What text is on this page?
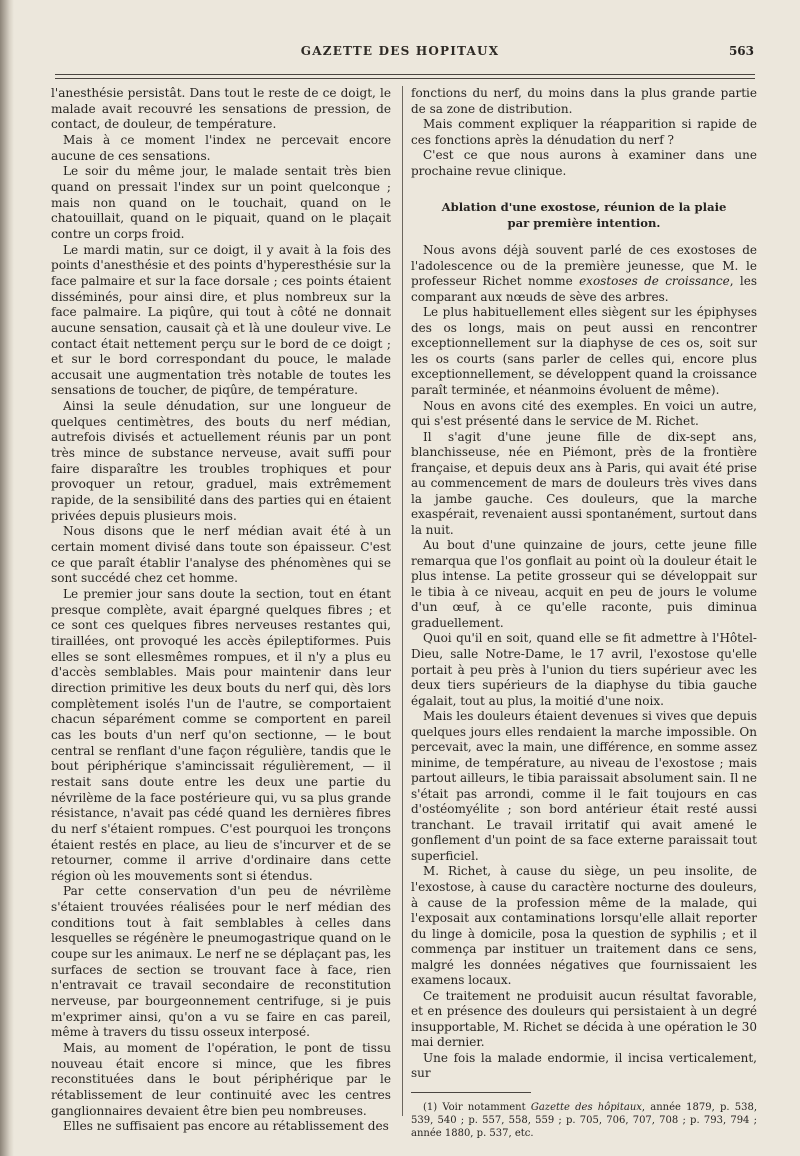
GAZETTE DES HOPITAUX	563

l'anesthésie persistât. Dans tout le reste de ce doigt, le malade avait recouvré les sensations de pression, de contact, de douleur, de température.

Mais à ce moment l'index ne percevait encore aucune de ces sensations.

Le soir du même jour, le malade sentait très bien quand on pressait l'index sur un point quelconque ; mais non quand on le touchait, quand on le chatouillait, quand on le piquait, quand on le plaçait contre un corps froid.

Le mardi matin, sur ce doigt, il y avait à la fois des points d'anesthésie et des points d'hyperesthésie sur la face palmaire et sur la face dorsale ; ces points étaient disséminés, pour ainsi dire, et plus nombreux sur la face palmaire. La piqûre, qui tout à côté ne donnait aucune sensation, causait çà et là une douleur vive. Le contact était nettement perçu sur le bord de ce doigt ; et sur le bord correspondant du pouce, le malade accusait une augmentation très notable de toutes les sensations de toucher, de piqûre, de température.

Ainsi la seule dénudation, sur une longueur de quelques centimètres, des bouts du nerf médian, autrefois divisés et actuellement réunis par un pont très mince de substance nerveuse, avait suffi pour faire disparaître les troubles trophiques et pour provoquer un retour, graduel, mais extrêmement rapide, de la sensibilité dans des parties qui en étaient privées depuis plusieurs mois.

Nous disons que le nerf médian avait été à un certain moment divisé dans toute son épaisseur. C'est ce que paraît établir l'analyse des phénomènes qui se sont succédé chez cet homme.

Le premier jour sans doute la section, tout en étant presque complète, avait épargné quelques fibres ; et ce sont ces quelques fibres nerveuses restantes qui, tiraillées, ont provoqué les accès épileptiformes. Puis elles se sont ellesmêmes rompues, et il n'y a plus eu d'accès semblables. Mais pour maintenir dans leur direction primitive les deux bouts du nerf qui, dès lors complètement isolés l'un de l'autre, se comportaient chacun séparément comme se comportent en pareil cas les bouts d'un nerf qu'on sectionne, — le bout central se renflant d'une façon régulière, tandis que le bout périphérique s'amincissait régulièrement, — il restait sans doute entre les deux une partie du névrilème de la face postérieure qui, vu sa plus grande résistance, n'avait pas cédé quand les dernières fibres du nerf s'étaient rompues. C'est pourquoi les tronçons étaient restés en place, au lieu de s'incurver et de se retourner, comme il arrive d'ordinaire dans cette région où les mouvements sont si étendus.

Par cette conservation d'un peu de névrilème s'étaient trouvées réalisées pour le nerf médian des conditions tout à fait semblables à celles dans lesquelles se régénère le pneumogastrique quand on le coupe sur les animaux. Le nerf ne se déplaçant pas, les surfaces de section se trouvant face à face, rien n'entravait ce travail secondaire de reconstitution nerveuse, par bourgeonnement centrifuge, si je puis m'exprimer ainsi, qu'on a vu se faire en cas pareil, même à travers du tissu osseux interposé.

Mais, au moment de l'opération, le pont de tissu nouveau était encore si mince, que les fibres reconstituées dans le bout périphérique par le rétablissement de leur continuité avec les centres ganglionnaires devaient être bien peu nombreuses.

Elles ne suffisaient pas encore au rétablissement des

fonctions du nerf, du moins dans la plus grande partie de sa zone de distribution.

Mais comment expliquer la réapparition si rapide de ces fonctions après la dénudation du nerf ?

C'est ce que nous aurons à examiner dans une prochaine revue clinique.

Ablation d'une exostose, réunion de la plaie
par première intention.

Nous avons déjà souvent parlé de ces exostoses de l'adolescence ou de la première jeunesse, que M. le professeur Richet nomme exostoses de croissance, les comparant aux nœuds de sève des arbres.

Le plus habituellement elles siègent sur les épiphyses des os longs, mais on peut aussi en rencontrer exceptionnellement sur la diaphyse de ces os, soit sur les os courts (sans parler de celles qui, encore plus exceptionnellement, se développent quand la croissance paraît terminée, et néanmoins évoluent de même).

Nous en avons cité des exemples. En voici un autre, qui s'est présenté dans le service de M. Richet.

Il s'agit d'une jeune fille de dix-sept ans, blanchisseuse, née en Piémont, près de la frontière française, et depuis deux ans à Paris, qui avait été prise au commencement de mars de douleurs très vives dans la jambe gauche. Ces douleurs, que la marche exaspérait, revenaient aussi spontanément, surtout dans la nuit.

Au bout d'une quinzaine de jours, cette jeune fille remarqua que l'os gonflait au point où la douleur était le plus intense. La petite grosseur qui se développait sur le tibia à ce niveau, acquit en peu de jours le volume d'un œuf, à ce qu'elle raconte, puis diminua graduellement.

Quoi qu'il en soit, quand elle se fit admettre à l'Hôtel-Dieu, salle Notre-Dame, le 17 avril, l'exostose qu'elle portait à peu près à l'union du tiers supérieur avec les deux tiers supérieurs de la diaphyse du tibia gauche égalait, tout au plus, la moitié d'une noix.

Mais les douleurs étaient devenues si vives que depuis quelques jours elles rendaient la marche impossible. On percevait, avec la main, une différence, en somme assez minime, de température, au niveau de l'exostose ; mais partout ailleurs, le tibia paraissait absolument sain. Il ne s'était pas arrondi, comme il le fait toujours en cas d'ostéomyélite ; son bord antérieur était resté aussi tranchant. Le travail irritatif qui avait amené le gonflement d'un point de sa face externe paraissait tout superficiel.

M. Richet, à cause du siège, un peu insolite, de l'exostose, à cause du caractère nocturne des douleurs, à cause de la profession même de la malade, qui l'exposait aux contaminations lorsqu'elle allait reporter du linge à domicile, posa la question de syphilis ; et il commença par instituer un traitement dans ce sens, malgré les données négatives que fournissaient les examens locaux.

Ce traitement ne produisit aucun résultat favorable, et en présence des douleurs qui persistaient à un degré insupportable, M. Richet se décida à une opération le 30 mai dernier.

Une fois la malade endormie, il incisa verticalement, sur

(1) Voir notamment Gazette des hôpitaux, année 1879, p. 538, 539, 540 ; p. 557, 558, 559 ; p. 705, 706, 707, 708 ; p. 793, 794 ; année 1880, p. 537, etc.
